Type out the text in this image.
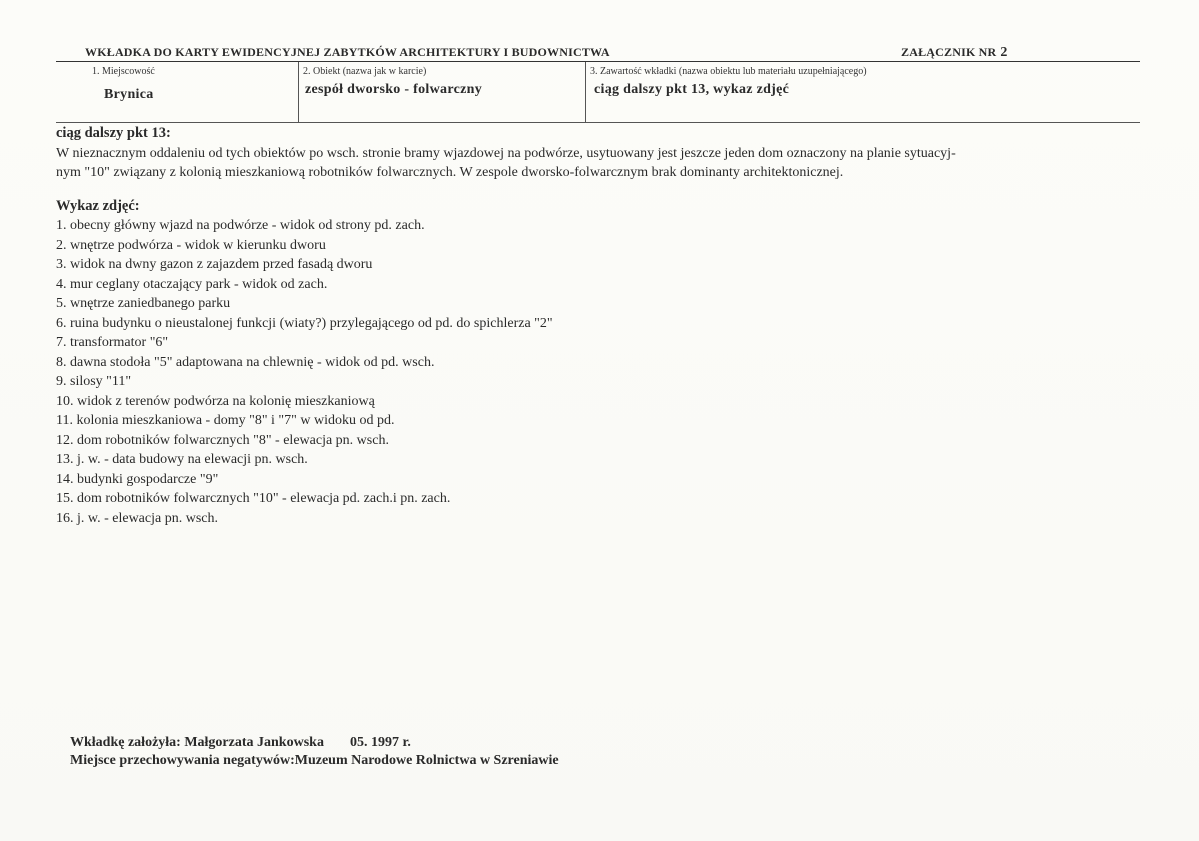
WKŁADKA DO KARTY EWIDENCYJNEJ ZABYTKÓW ARCHITEKTURY I BUDOWNICTWA	ZAŁĄCZNIK NR 2
1. Miejscowość
Brynica
2. Obiekt (nazwa jak w karcie)
zespół dworsko - folwarczny
3. Zawartość wkładki (nazwa obiektu lub materiału uzupełniającego)
ciąg dalszy pkt 13, wykaz zdjęć
ciąg dalszy pkt 13:

W nieznacznym oddaleniu od tych obiektów po wsch. stronie bramy wjazdowej na podwórze, usytuowany jest jeszcze jeden dom oznaczony na planie sytuacyj-
nym "10" związany z kolonią mieszkaniową robotników folwarcznych. W zespole dworsko-folwarcznym brak dominanty architektonicznej.

Wykaz zdjęć:
1. obecny główny wjazd na podwórze - widok od strony pd. zach.
2. wnętrze podwórza - widok w kierunku dworu
3. widok na dwny gazon z zajazdem przed fasadą dworu
4. mur ceglany otaczający park - widok od zach.
5. wnętrze zaniedbanego parku
6. ruina budynku o nieustalonej funkcji (wiaty?) przylegającego od pd. do spichlerza "2"
7. transformator "6"
8. dawna stodoła "5" adaptowana na chlewnię - widok od pd. wsch.
9. silosy "11"
10. widok z terenów podwórza na kolonię mieszkaniową
11. kolonia mieszkaniowa - domy "8" i "7" w widoku od pd.
12. dom robotników folwarcznych "8" - elewacja pn. wsch.
13. j. w. - data budowy na elewacji pn. wsch.
14. budynki gospodarcze "9"
15. dom robotników folwarcznych "10" - elewacja pd. zach.i pn. zach.
16. j. w. - elewacja pn. wsch.
Wkładkę założyła: Małgorzata Jankowska 05. 1997 r.
Miejsce przechowywania negatywów:Muzeum Narodowe Rolnictwa w Szreniawie
